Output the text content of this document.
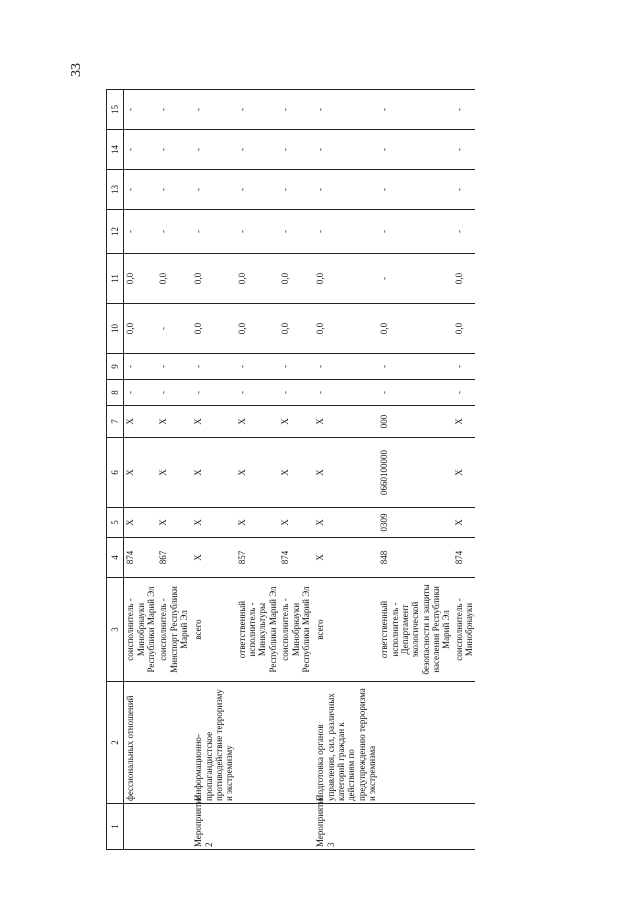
33
1	2	3	4	5	6	7	8	9	10	11	12	13	14	15
	фессиональных отношений	соисполнитель - Минобрнауки Республики Марий Эл	874	Х	Х	Х	-	-	0,0	0,0	-	-	-	-
		соисполнитель - Минспорт Республики Марий Эл	867	Х	Х	Х	-	-	-	0,0	-	-	-	-
Мероприятие 2	Информационно-пропагандистское противодействие терроризму и экстремизму	всего	Х	Х	Х	Х	-	-	0,0	0,0	-	-	-	-
		ответственный исполнитель - Минкультуры Республики Марий Эл	857	Х	Х	Х	-	-	0,0	0,0	-	-	-	-
		соисполнитель - Минобрнауки Республики Марий Эл	874	Х	Х	Х	-	-	0,0	0,0	-	-	-	-
Мероприятие 3	Подготовка органов управления, сил, различных категорий граждан к действиям по предупреждению терроризма и экстремизма	всего	Х	Х	Х	Х	-	-	0,0	0,0	-	-	-	-
		ответственный исполнитель - Департамент экологической безопасности и защиты населения Республики Марий Эл	848	0309	0660100000	000	-	-	0,0	-	-	-	-	-
		соисполнитель - Минобрнауки	874	Х	Х	Х	-	-	0,0	0,0	-	-	-	-
